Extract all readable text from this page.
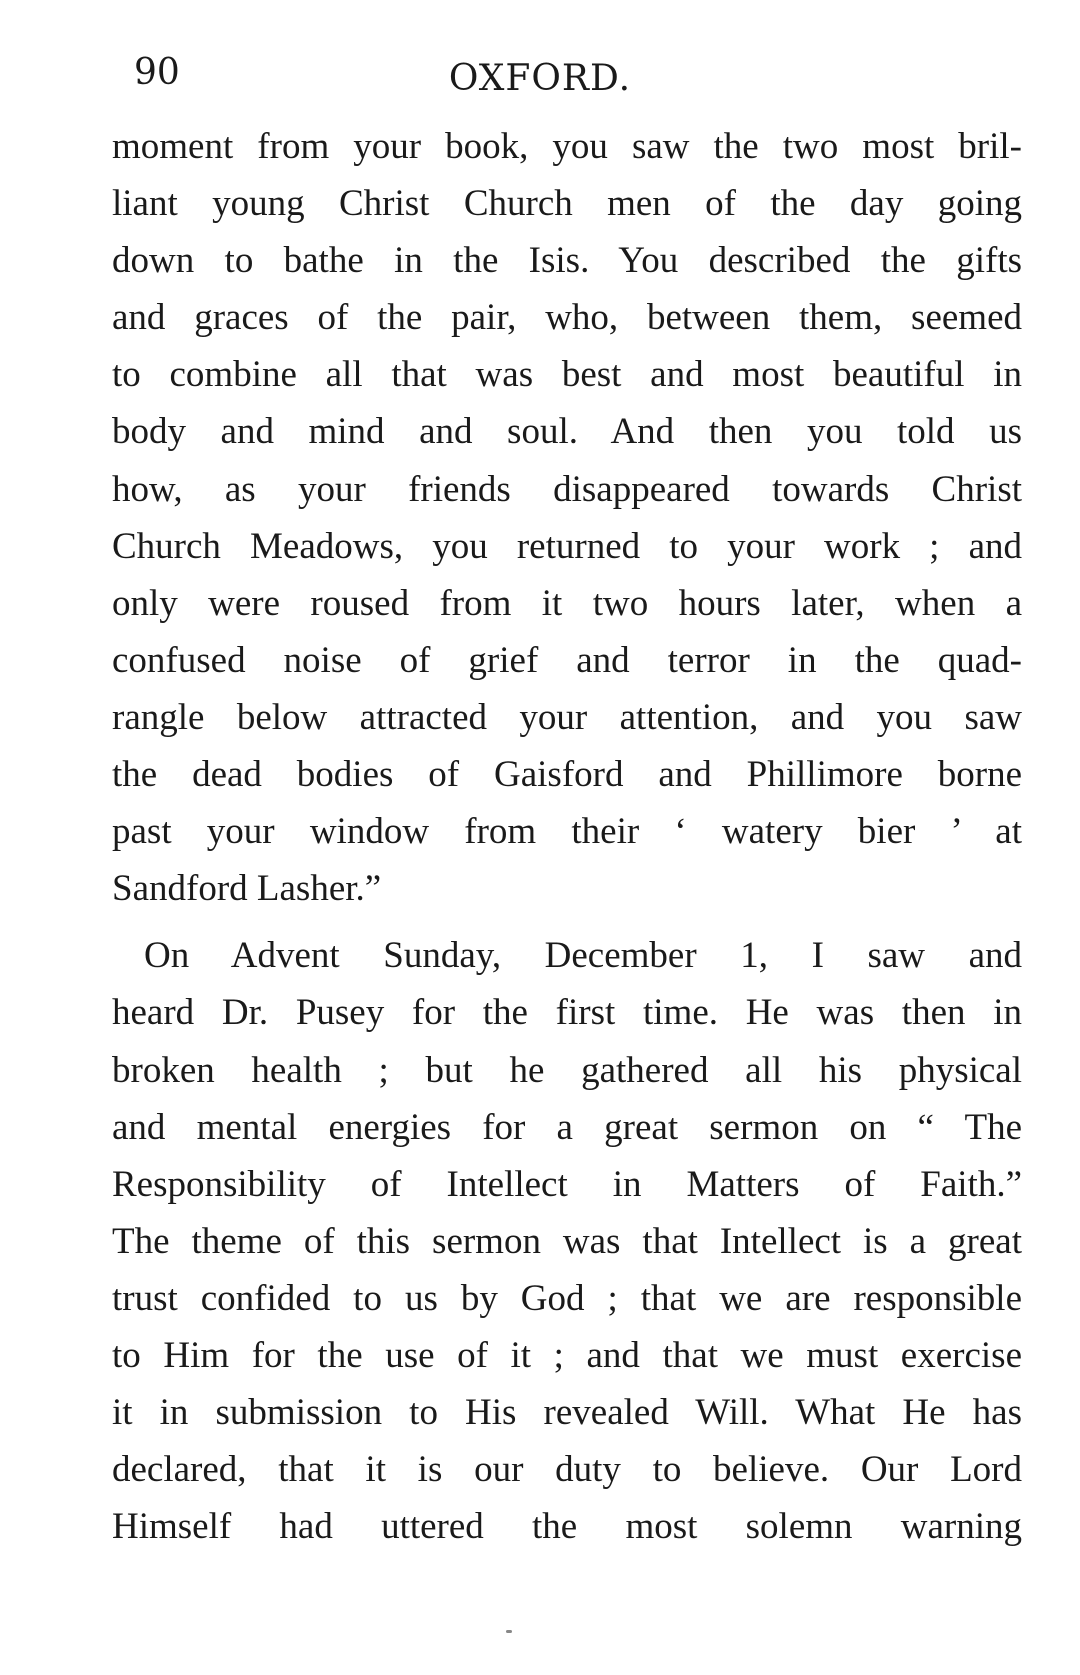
90	OXFORD.
moment from your book, you saw the two most bril-
liant young Christ Church men of the day going
down to bathe in the Isis. You described the gifts
and graces of the pair, who, between them, seemed
to combine all that was best and most beautiful in
body and mind and soul. And then you told us
how, as your friends disappeared towards Christ
Church Meadows, you returned to your work ; and
only were roused from it two hours later, when a
confused noise of grief and terror in the quad-
rangle below attracted your attention, and you saw
the dead bodies of Gaisford and Phillimore borne
past your window from their ‘ watery bier ’ at
Sandford Lasher.”
On Advent Sunday, December 1, I saw and
heard Dr. Pusey for the first time. He was then in
broken health ; but he gathered all his physical
and mental energies for a great sermon on “ The
Responsibility of Intellect in Matters of Faith.”
The theme of this sermon was that Intellect is a great
trust confided to us by God ; that we are responsible
to Him for the use of it ; and that we must exercise
it in submission to His revealed Will. What He has
declared, that it is our duty to believe. Our Lord
Himself had uttered the most solemn warning
